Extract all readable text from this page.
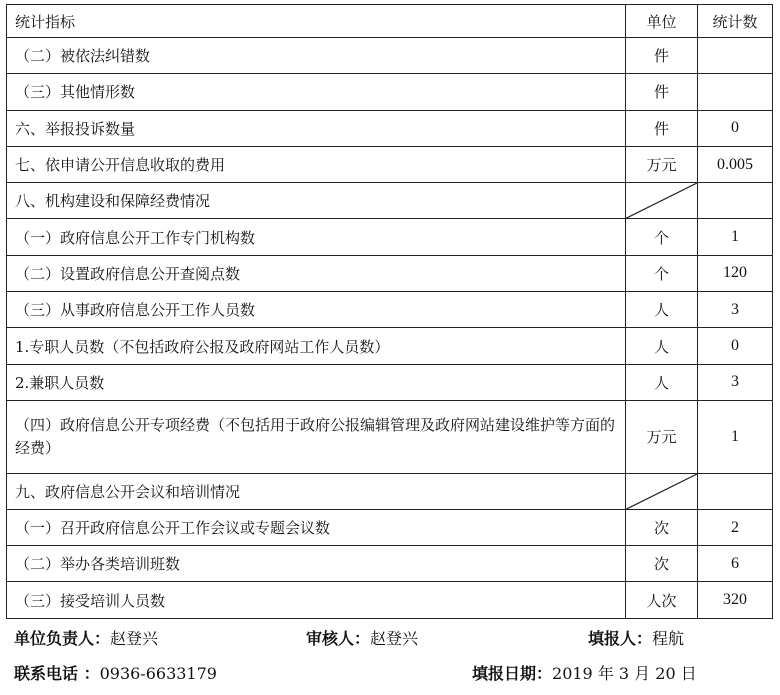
统计指标	单位	统计数
（二）被依法纠错数	件	
（三）其他情形数	件	
六、举报投诉数量	件	0
七、依申请公开信息收取的费用	万元	0.005
八、机构建设和保障经费情况	

（一）政府信息公开工作专门机构数	个	1
（二）设置政府信息公开查阅点数	个	120
（三）从事政府信息公开工作人员数	人	3
1.专职人员数（不包括政府公报及政府网站工作人员数）	人	0
2.兼职人员数	人	3
（四）政府信息公开专项经费（不包括用于政府公报编辑管理及政府网站建设维护等方面的经费）	万元	1
九、政府信息公开会议和培训情况	

（一）召开政府信息公开工作会议或专题会议数	次	2
（二）举办各类培训班数	次	6
（三）接受培训人员数	人次	320
单位负责人：赵登兴	审核人：赵登兴	填报人：程航
联系电话 ：0936-6633179	填报日期：2019 年 3 月 20 日
